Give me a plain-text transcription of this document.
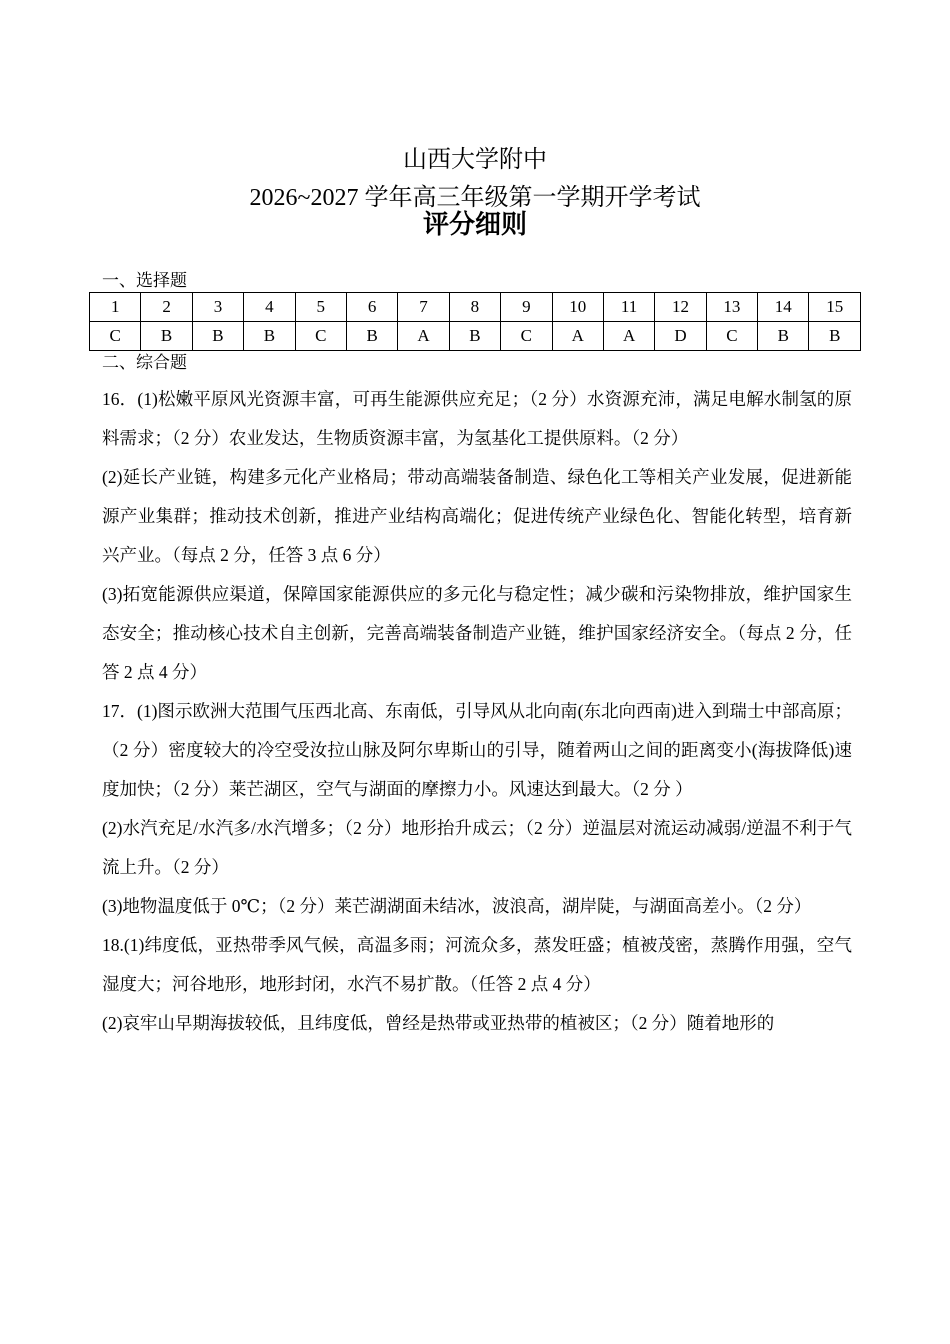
山西大学附中
2026~2027 学年高三年级第一学期开学考试
评分细则
一、选择题
1	2	3	4	5	6	7	8	9	10	11	12	13	14	15
C	B	B	B	C	B	A	B	C	A	A	D	C	B	B
二、综合题

16．(1)松嫩平原风光资源丰富，可再生能源供应充足；（2 分）水资源充沛，满足电解水制氢的原料需求；（2 分）农业发达，生物质资源丰富，为氢基化工提供原料。（2 分）

(2)延长产业链，构建多元化产业格局；带动高端装备制造、绿色化工等相关产业发展，促进新能源产业集群；推动技术创新，推进产业结构高端化；促进传统产业绿色化、智能化转型，培育新兴产业。（每点 2 分，任答 3 点 6 分）

(3)拓宽能源供应渠道，保障国家能源供应的多元化与稳定性；减少碳和污染物排放，维护国家生态安全；推动核心技术自主创新，完善高端装备制造产业链，维护国家经济安全。（每点 2 分，任答 2 点 4 分）

17．(1)图示欧洲大范围气压西北高、东南低，引导风从北向南(东北向西南)进入到瑞士中部高原；（2 分）密度较大的冷空受汝拉山脉及阿尔卑斯山的引导，随着两山之间的距离变小(海拔降低)速度加快；（2 分）莱芒湖区，空气与湖面的摩擦力小。风速达到最大。（2 分 ）

(2)水汽充足/水汽多/水汽增多；（2 分）地形抬升成云；（2 分）逆温层对流运动减弱/逆温不利于气流上升。（2 分）

(3)地物温度低于 0℃；（2 分）莱芒湖湖面未结冰，波浪高，湖岸陡，与湖面高差小。（2 分）

18.(1)纬度低，亚热带季风气候，高温多雨；河流众多，蒸发旺盛；植被茂密，蒸腾作用强，空气湿度大；河谷地形，地形封闭，水汽不易扩散。（任答 2 点 4 分）

(2)哀牢山早期海拔较低，且纬度低，曾经是热带或亚热带的植被区；（2 分）随着地形的
